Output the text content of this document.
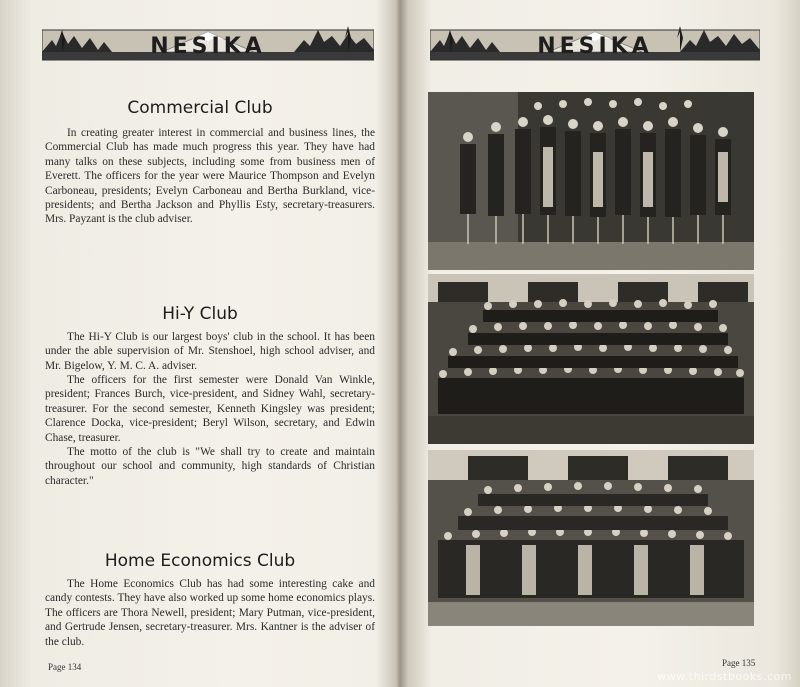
NESIKA
Commercial Club

In creating greater interest in commercial and business lines, the Commercial Club has made much progress this year. They have had many talks on these subjects, including some from business men of Everett. The officers for the year were Maurice Thompson and Evelyn Carboneau, presidents; Evelyn Carboneau and Bertha Burkland, vice-presidents; and Bertha Jackson and Phyllis Esty, secretary-treasurers. Mrs. Payzant is the club adviser.

Hi-Y Club

The Hi-Y Club is our largest boys' club in the school. It has been under the able supervision of Mr. Stenshoel, high school adviser, and Mr. Bigelow, Y. M. C. A. adviser.

The officers for the first semester were Donald Van Winkle, president; Frances Burch, vice-president, and Sidney Wahl, secretary-treasurer. For the second semester, Kenneth Kingsley was president; Clarence Docka, vice-president; Beryl Wilson, secretary, and Edwin Chase, treasurer.

The motto of the club is "We shall try to create and maintain throughout our school and community, high standards of Christian character."

Home Economics Club

The Home Economics Club has had some interesting cake and candy contests. They have also worked up some home economics plays. The officers are Thora Newell, president; Mary Putman, vice-president, and Gertrude Jensen, secretary-treasurer. Mrs. Kantner is the adviser of the club.

Page 134
NESIKA
Page 135
www.thirdstbooks.com
